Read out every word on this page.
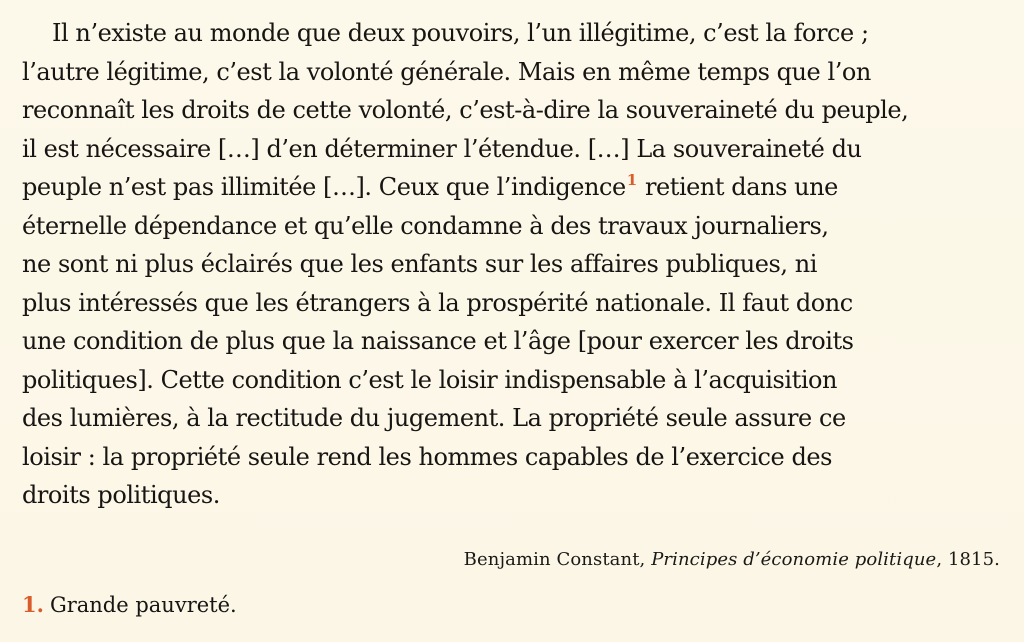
Il n’existe au monde que deux pouvoirs, l’un illégitime, c’est la force ;
l’autre légitime, c’est la volonté générale. Mais en même temps que l’on
reconnaît les droits de cette volonté, c’est-à-dire la souveraineté du peuple,
il est nécessaire […] d’en déterminer l’étendue. […] La souveraineté du
peuple n’est pas illimitée […]. Ceux que l’indigence$^1$ retient dans une
éternelle dépendance et qu’elle condamne à des travaux journaliers,
ne sont ni plus éclairés que les enfants sur les affaires publiques, ni
plus intéressés que les étrangers à la prospérité nationale. Il faut donc
une condition de plus que la naissance et l’âge [pour exercer les droits
politiques]. Cette condition c’est le loisir indispensable à l’acquisition
des lumières, à la rectitude du jugement. La propriété seule assure ce
loisir : la propriété seule rend les hommes capables de l’exercice des
droits politiques.
Benjamin Constant, Principes d’économie politique, 1815.
1. Grande pauvreté.
